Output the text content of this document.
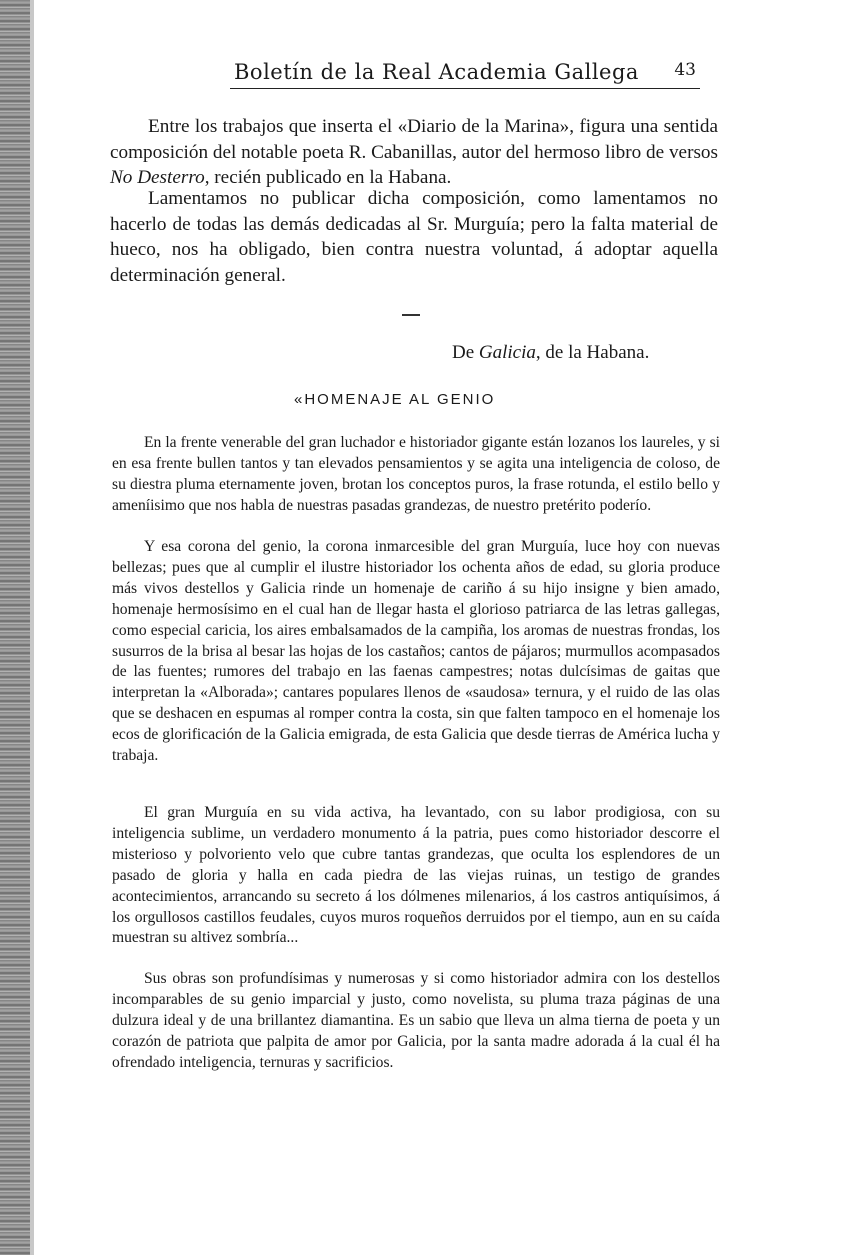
Boletín de la Real Academia Gallega 43

Entre los trabajos que inserta el «Diario de la Marina», figura una sentida composición del notable poeta R. Cabanillas, autor del hermoso libro de versos No Desterro, recién publicado en la Habana.

Lamentamos no publicar dicha composición, como lamentamos no hacerlo de todas las demás dedicadas al Sr. Murguía; pero la falta material de hueco, nos ha obligado, bien contra nuestra voluntad, á adoptar aquella determinación general.

De Galicia, de la Habana.
«HOMENAJE AL GENIO

En la frente venerable del gran luchador e historiador gigante están lozanos los laureles, y si en esa frente bullen tantos y tan elevados pensamientos y se agita una inteligencia de coloso, de su diestra pluma eternamente joven, brotan los conceptos puros, la frase rotunda, el estilo bello y ameníisimo que nos habla de nuestras pasadas grandezas, de nuestro pretérito poderío.

Y esa corona del genio, la corona inmarcesible del gran Murguía, luce hoy con nuevas bellezas; pues que al cumplir el ilustre historiador los ochenta años de edad, su gloria produce más vivos destellos y Galicia rinde un homenaje de cariño á su hijo insigne y bien amado, homenaje hermosísimo en el cual han de llegar hasta el glorioso patriarca de las letras gallegas, como especial caricia, los aires embalsamados de la campiña, los aromas de nuestras frondas, los susurros de la brisa al besar las hojas de los castaños; cantos de pájaros; murmullos acompasados de las fuentes; rumores del trabajo en las faenas campestres; notas dulcísimas de gaitas que interpretan la «Alborada»; cantares populares llenos de «saudosa» ternura, y el ruido de las olas que se deshacen en espumas al romper contra la costa, sin que falten tampoco en el homenaje los ecos de glorificación de la Galicia emigrada, de esta Galicia que desde tierras de América lucha y trabaja.

El gran Murguía en su vida activa, ha levantado, con su labor prodigiosa, con su inteligencia sublime, un verdadero monumento á la patria, pues como historiador descorre el misterioso y polvoriento velo que cubre tantas grandezas, que oculta los esplendores de un pasado de gloria y halla en cada piedra de las viejas ruinas, un testigo de grandes acontecimientos, arrancando su secreto á los dólmenes milenarios, á los castros antiquísimos, á los orgullosos castillos feudales, cuyos muros roqueños derruidos por el tiempo, aun en su caída muestran su altivez sombría...

Sus obras son profundísimas y numerosas y si como historiador admira con los destellos incomparables de su genio imparcial y justo, como novelista, su pluma traza páginas de una dulzura ideal y de una brillantez diamantina. Es un sabio que lleva un alma tierna de poeta y un corazón de patriota que palpita de amor por Galicia, por la santa madre adorada á la cual él ha ofrendado inteligencia, ternuras y sacrificios.
